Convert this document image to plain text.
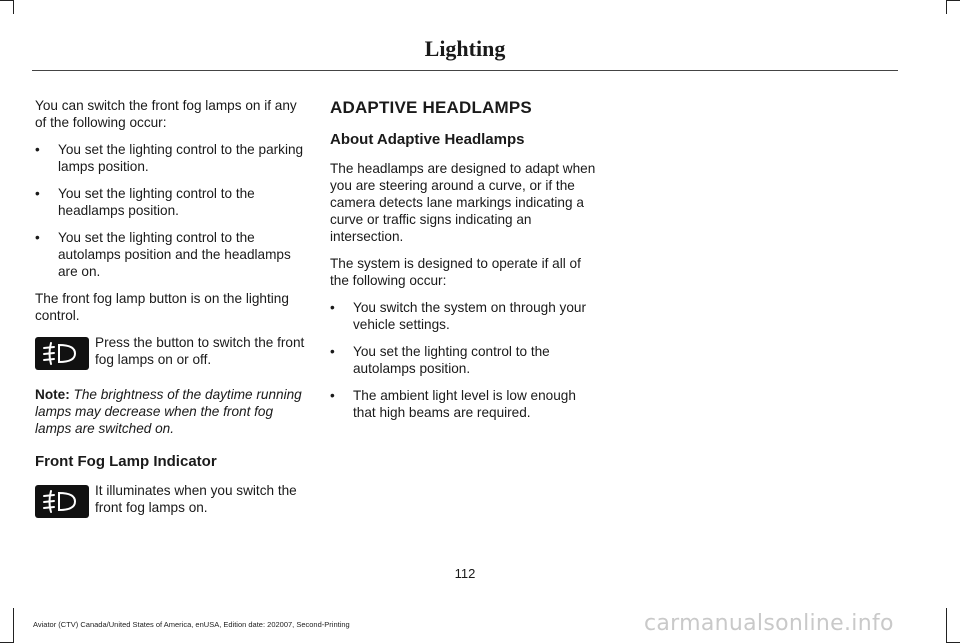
Lighting

You can switch the front fog lamps on if any of the following occur:

• You set the lighting control to the parking lamps position.
• You set the lighting control to the headlamps position.
• You set the lighting control to the autolamps position and the headlamps are on.

The front fog lamp button is on the lighting control.

Press the button to switch the front fog lamps on or off.

Note: The brightness of the daytime running lamps may decrease when the front fog lamps are switched on.

Front Fog Lamp Indicator

It illuminates when you switch the front fog lamps on.

ADAPTIVE HEADLAMPS
About Adaptive Headlamps

The headlamps are designed to adapt when you are steering around a curve, or if the camera detects lane markings indicating a curve or traffic signs indicating an intersection.

The system is designed to operate if all of the following occur:

• You switch the system on through your vehicle settings.
• You set the lighting control to the autolamps position.
• The ambient light level is low enough that high beams are required.
112
Aviator (CTV) Canada/United States of America, enUSA, Edition date: 202007, Second-Printing	carmanualsonline.info
